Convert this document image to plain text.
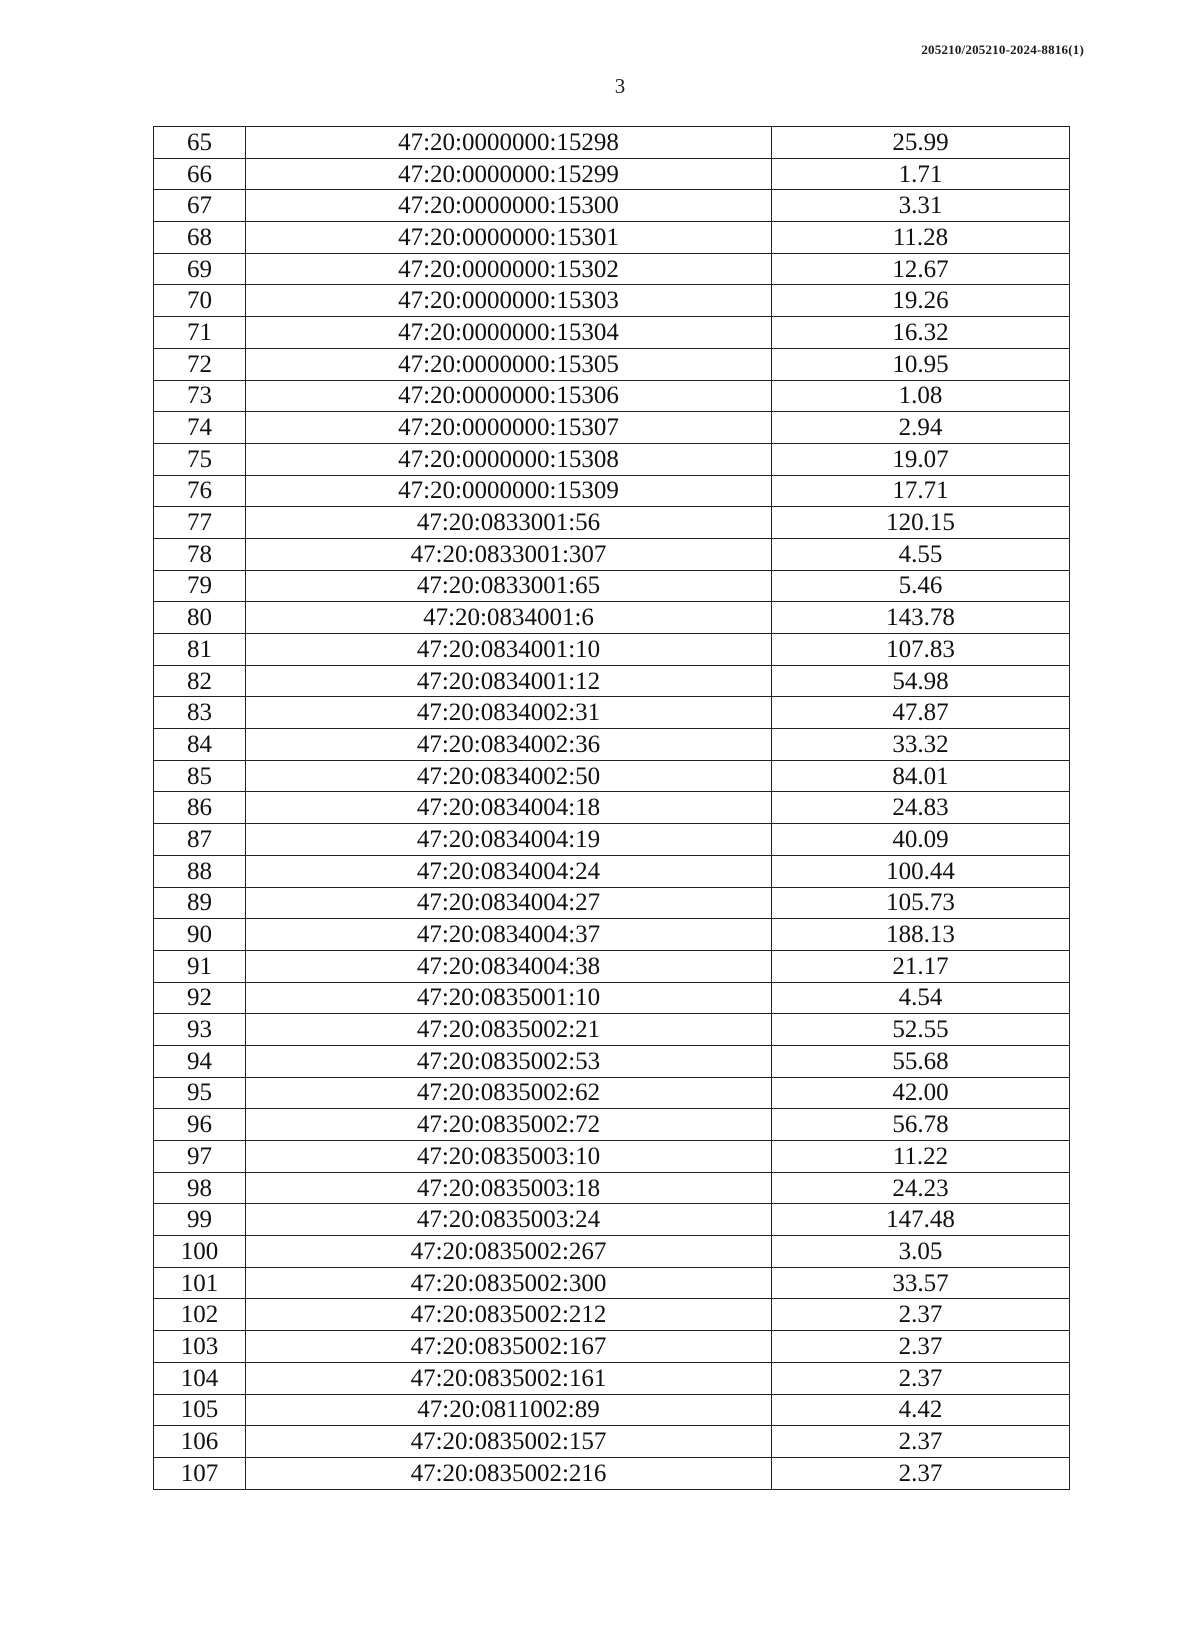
205210/205210-2024-8816(1)
3
65	47:20:0000000:15298	25.99
66	47:20:0000000:15299	1.71
67	47:20:0000000:15300	3.31
68	47:20:0000000:15301	11.28
69	47:20:0000000:15302	12.67
70	47:20:0000000:15303	19.26
71	47:20:0000000:15304	16.32
72	47:20:0000000:15305	10.95
73	47:20:0000000:15306	1.08
74	47:20:0000000:15307	2.94
75	47:20:0000000:15308	19.07
76	47:20:0000000:15309	17.71
77	47:20:0833001:56	120.15
78	47:20:0833001:307	4.55
79	47:20:0833001:65	5.46
80	47:20:0834001:6	143.78
81	47:20:0834001:10	107.83
82	47:20:0834001:12	54.98
83	47:20:0834002:31	47.87
84	47:20:0834002:36	33.32
85	47:20:0834002:50	84.01
86	47:20:0834004:18	24.83
87	47:20:0834004:19	40.09
88	47:20:0834004:24	100.44
89	47:20:0834004:27	105.73
90	47:20:0834004:37	188.13
91	47:20:0834004:38	21.17
92	47:20:0835001:10	4.54
93	47:20:0835002:21	52.55
94	47:20:0835002:53	55.68
95	47:20:0835002:62	42.00
96	47:20:0835002:72	56.78
97	47:20:0835003:10	11.22
98	47:20:0835003:18	24.23
99	47:20:0835003:24	147.48
100	47:20:0835002:267	3.05
101	47:20:0835002:300	33.57
102	47:20:0835002:212	2.37
103	47:20:0835002:167	2.37
104	47:20:0835002:161	2.37
105	47:20:0811002:89	4.42
106	47:20:0835002:157	2.37
107	47:20:0835002:216	2.37
